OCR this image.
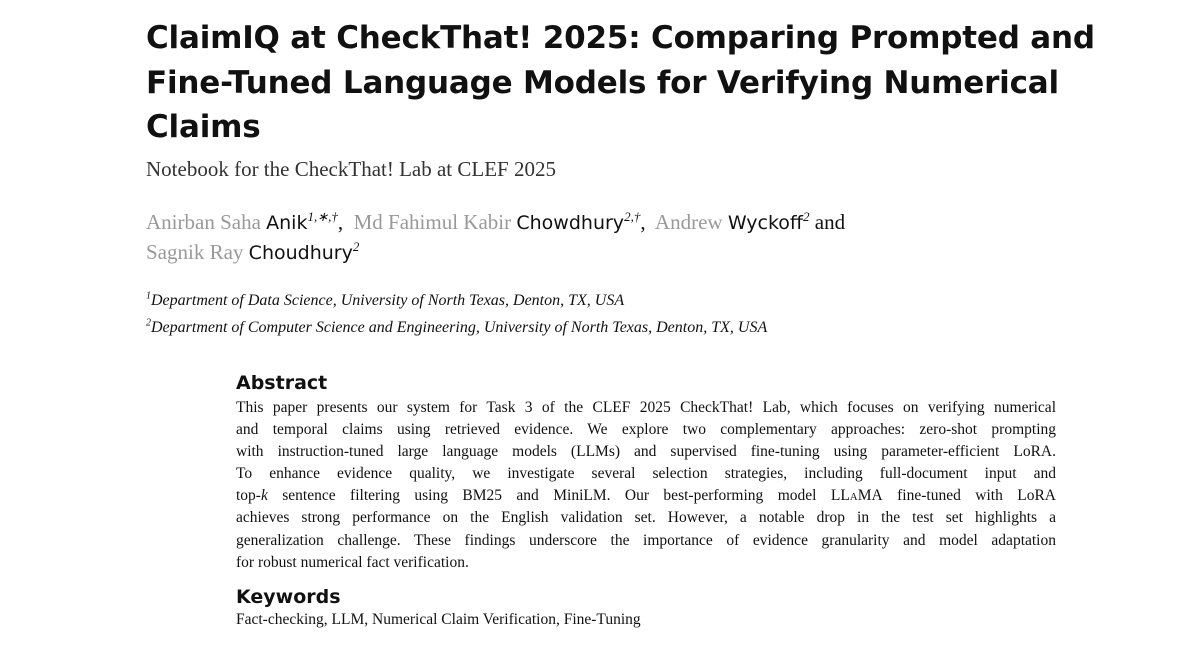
ClaimIQ at CheckThat! 2025: Comparing Prompted and
Fine-Tuned Language Models for Verifying Numerical
Claims

Notebook for the CheckThat! Lab at CLEF 2025

Anirban Saha Anik$^{1,∗,\dagger}$, Md Fahimul Kabir Chowdhury$^{2,\dagger}$, Andrew Wyckoff$^2$ and
Sagnik Ray Choudhury$^2$
$^1$Department of Data Science, University of North Texas, Denton, TX, USA
$^2$Department of Computer Science and Engineering, University of North Texas, Denton, TX, USA
Abstract
This paper presents our system for Task 3 of the CLEF 2025 CheckThat! Lab, which focuses on verifying numerical
and temporal claims using retrieved evidence. We explore two complementary approaches: zero-shot prompting
with instruction-tuned large language models (LLMs) and supervised fine-tuning using parameter-efficient LoRA.
To enhance evidence quality, we investigate several selection strategies, including full-document input and
top-k sentence filtering using BM25 and MiniLM. Our best-performing model LLaMA fine-tuned with LoRA
achieves strong performance on the English validation set. However, a notable drop in the test set highlights a
generalization challenge. These findings underscore the importance of evidence granularity and model adaptation
for robust numerical fact verification.
Keywords

Fact-checking, LLM, Numerical Claim Verification, Fine-Tuning
